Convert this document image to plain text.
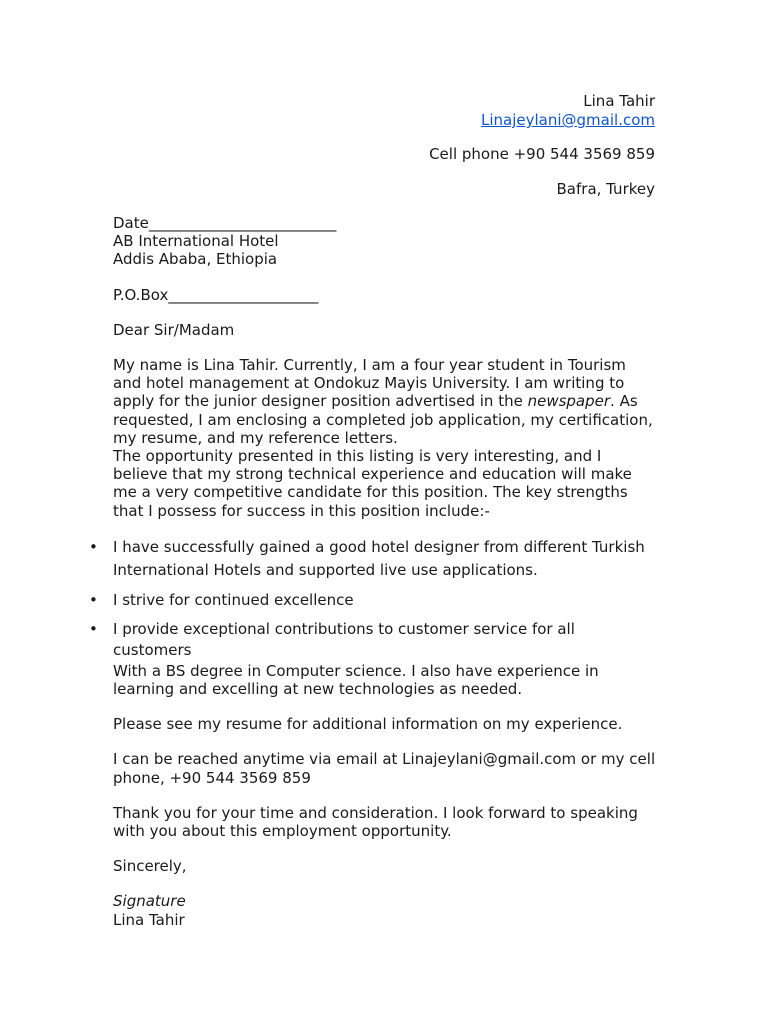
Lina Tahir
Linajeylani@gmail.com
Cell phone +90 544 3569 859
Bafra, Turkey
Date_________________________
AB International Hotel
Addis Ababa, Ethiopia
P.O.Box____________________

Dear Sir/Madam

My name is Lina Tahir. Currently, I am a four year student in Tourism and hotel management at Ondokuz Mayis University. I am writing to apply for the junior designer position advertised in the newspaper. As requested, I am enclosing a completed job application, my certification, my resume, and my reference letters.

The opportunity presented in this listing is very interesting, and I believe that my strong technical experience and education will make me a very competitive candidate for this position. The key strengths that I possess for success in this position include:-

• I have successfully gained a good hotel designer from different Turkish International Hotels and supported live use applications.
• I strive for continued excellence
• I provide exceptional contributions to customer service for all customers

With a BS degree in Computer science. I also have experience in learning and excelling at new technologies as needed.

Please see my resume for additional information on my experience.

I can be reached anytime via email at Linajeylani@gmail.com or my cell phone, +90 544 3569 859

Thank you for your time and consideration. I look forward to speaking with you about this employment opportunity.

Sincerely,

Signature

Lina Tahir
